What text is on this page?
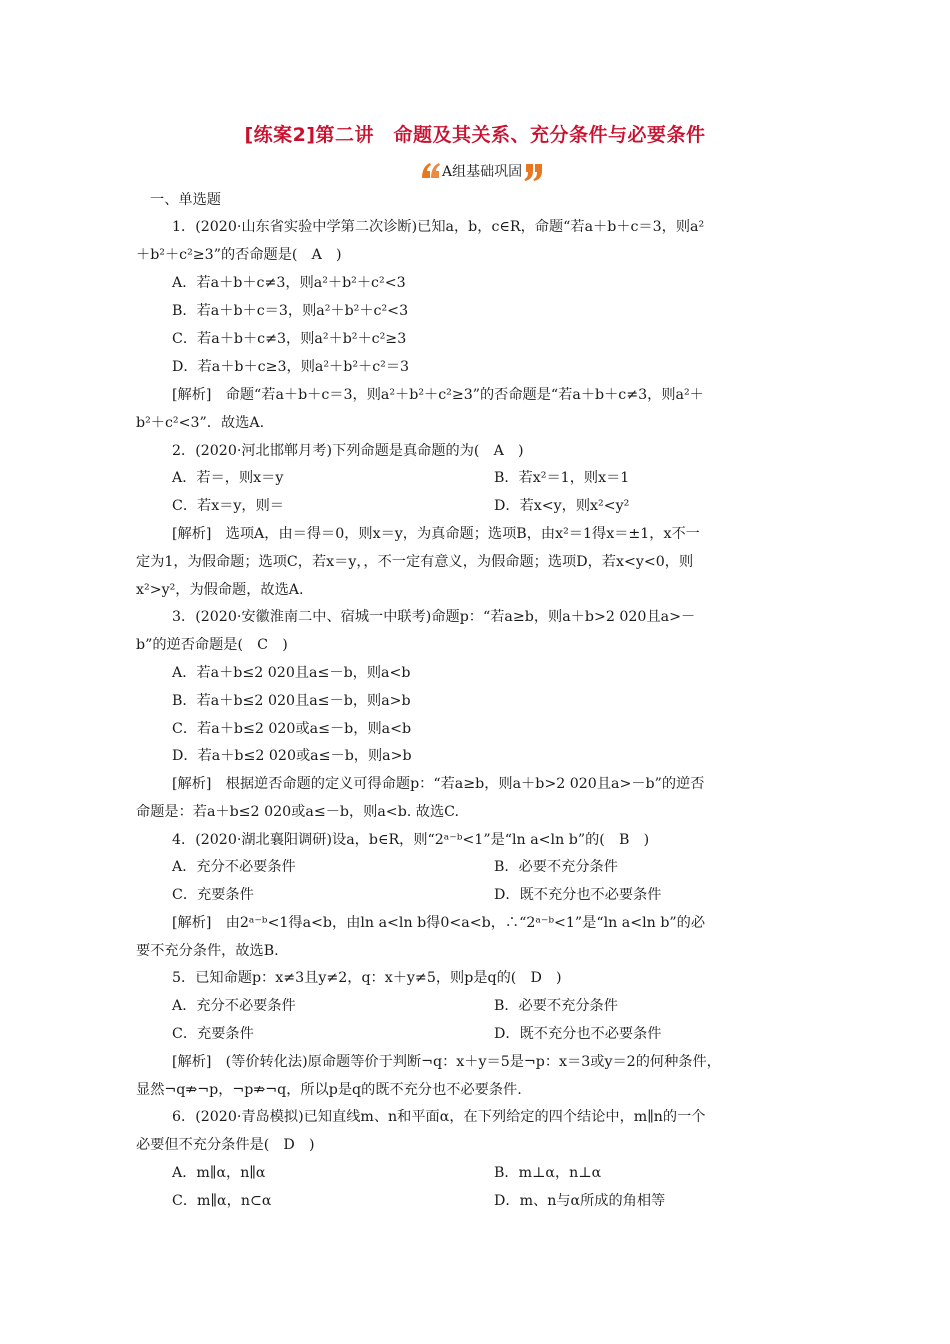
[练案2]第二讲　命题及其关系、充分条件与必要条件
A组基础巩固
一、单选题
1．(2020·山东省实验中学第二次诊断)已知a，b，c∈R，命题“若a＋b＋c＝3，则a²
＋b²＋c²≥3”的否命题是(　A　)
A．若a＋b＋c≠3，则a²＋b²＋c²<3
B．若a＋b＋c＝3，则a²＋b²＋c²<3
C．若a＋b＋c≠3，则a²＋b²＋c²≥3
D．若a＋b＋c≥3，则a²＋b²＋c²＝3
[解析]　命题“若a＋b＋c＝3，则a²＋b²＋c²≥3”的否命题是“若a＋b＋c≠3，则a²＋
b²＋c²<3”．故选A.
2．(2020·河北邯郸月考)下列命题是真命题的为(　A　)
A．若＝，则x＝y	B．若x²＝1，则x＝1
C．若x＝y，则＝	D．若x<y，则x²<y²
[解析]　选项A，由＝得＝0，则x＝y，为真命题；选项B，由x²＝1得x＝±1，x不一
定为1，为假命题；选项C，若x＝y，，不一定有意义，为假命题；选项D，若x<y<0，则
x²>y²，为假命题，故选A.
3．(2020·安徽淮南二中、宿城一中联考)命题p：“若a≥b，则a＋b>2 020且a>－
b”的逆否命题是(　C　)
A．若a＋b≤2 020且a≤－b，则a<b
B．若a＋b≤2 020且a≤－b，则a>b
C．若a＋b≤2 020或a≤－b，则a<b
D．若a＋b≤2 020或a≤－b，则a>b
[解析]　根据逆否命题的定义可得命题p：“若a≥b，则a＋b>2 020且a>－b”的逆否
命题是：若a＋b≤2 020或a≤－b，则a<b. 故选C.
4．(2020·湖北襄阳调研)设a，b∈R，则“2ᵃ⁻ᵇ<1”是“ln a<ln b”的(　B　)
A．充分不必要条件	B．必要不充分条件
C．充要条件	D．既不充分也不必要条件
[解析]　由2ᵃ⁻ᵇ<1得a<b，由ln a<ln b得0<a<b，∴“2ᵃ⁻ᵇ<1”是“ln a<ln b”的必
要不充分条件，故选B.
5．已知命题p：x≠3且y≠2，q：x＋y≠5，则p是q的(　D　)
A．充分不必要条件	B．必要不充分条件
C．充要条件	D．既不充分也不必要条件
[解析]　(等价转化法)原命题等价于判断¬q：x＋y＝5是¬p：x＝3或y＝2的何种条件，
显然¬q⇏¬p，¬p⇏¬q，所以p是q的既不充分也不必要条件.
6．(2020·青岛模拟)已知直线m、n和平面α，在下列给定的四个结论中，m∥n的一个
必要但不充分条件是(　D　)
A．m∥α，n∥α	B．m⊥α，n⊥α
C．m∥α，n⊂α	D．m、n与α所成的角相等
